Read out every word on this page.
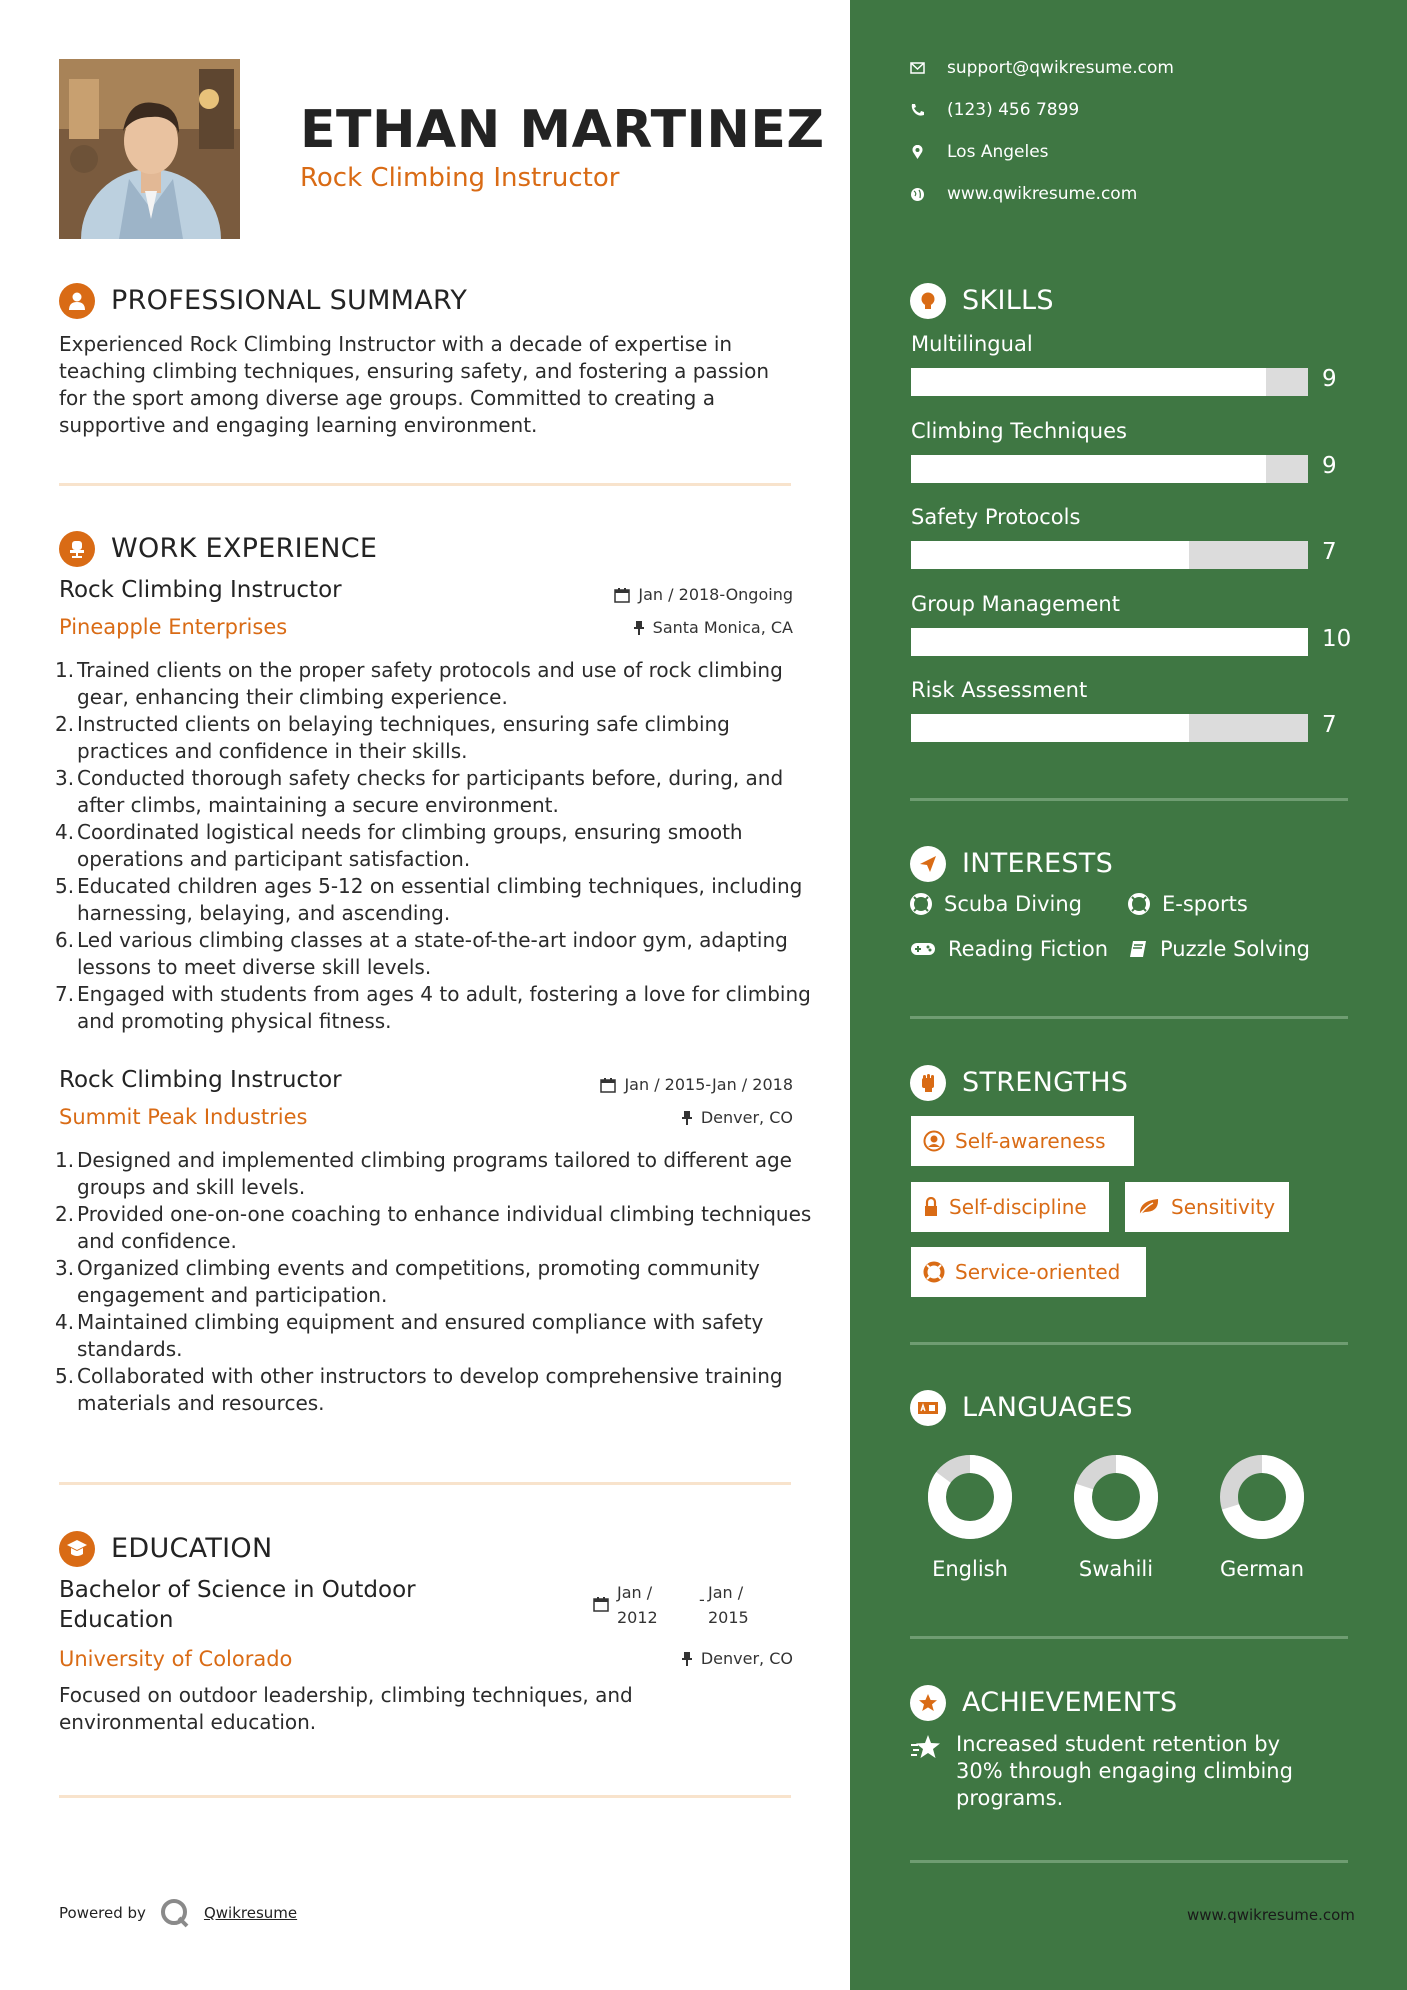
ETHAN MARTINEZ
Rock Climbing Instructor
PROFESSIONAL SUMMARY
Experienced Rock Climbing Instructor with a decade of expertise in teaching climbing techniques, ensuring safety, and fostering a passion for the sport among diverse age groups. Committed to creating a supportive and engaging learning environment.
WORK EXPERIENCE
Rock Climbing Instructor	Jan / 2018-Ongoing
Pineapple Enterprises	Santa Monica, CA
1. Trained clients on the proper safety protocols and use of rock climbing gear, enhancing their climbing experience.
2. Instructed clients on belaying techniques, ensuring safe climbing practices and confidence in their skills.
3. Conducted thorough safety checks for participants before, during, and after climbs, maintaining a secure environment.
4. Coordinated logistical needs for climbing groups, ensuring smooth operations and participant satisfaction.
5. Educated children ages 5-12 on essential climbing techniques, including harnessing, belaying, and ascending.
6. Led various climbing classes at a state-of-the-art indoor gym, adapting lessons to meet diverse skill levels.
7. Engaged with students from ages 4 to adult, fostering a love for climbing and promoting physical fitness.
Rock Climbing Instructor	Jan / 2015-Jan / 2018
Summit Peak Industries	Denver, CO
1. Designed and implemented climbing programs tailored to different age groups and skill levels.
2. Provided one-on-one coaching to enhance individual climbing techniques and confidence.
3. Organized climbing events and competitions, promoting community engagement and participation.
4. Maintained climbing equipment and ensured compliance with safety standards.
5. Collaborated with other instructors to develop comprehensive training materials and resources.
EDUCATION
Bachelor of Science in Outdoor
Education
Jan /
2012
- Jan /
2015
University of Colorado	Denver, CO
Focused on outdoor leadership, climbing techniques, and environmental education.
Powered by	Qwikresume
support@qwikresume.com
(123) 456 7899
Los Angeles
www.qwikresume.com
SKILLS
Multilingual
9
Climbing Techniques
9
Safety Protocols
7
Group Management
10
Risk Assessment
7
INTERESTS
Scuba Diving	E-sports
Reading Fiction Puzzle Solving
STRENGTHS
Self-awareness
Self-discipline	Sensitivity
Service-oriented
LANGUAGES
English	Swahili	German
ACHIEVEMENTS
Increased student retention by 30% through engaging climbing programs.
www.qwikresume.com
